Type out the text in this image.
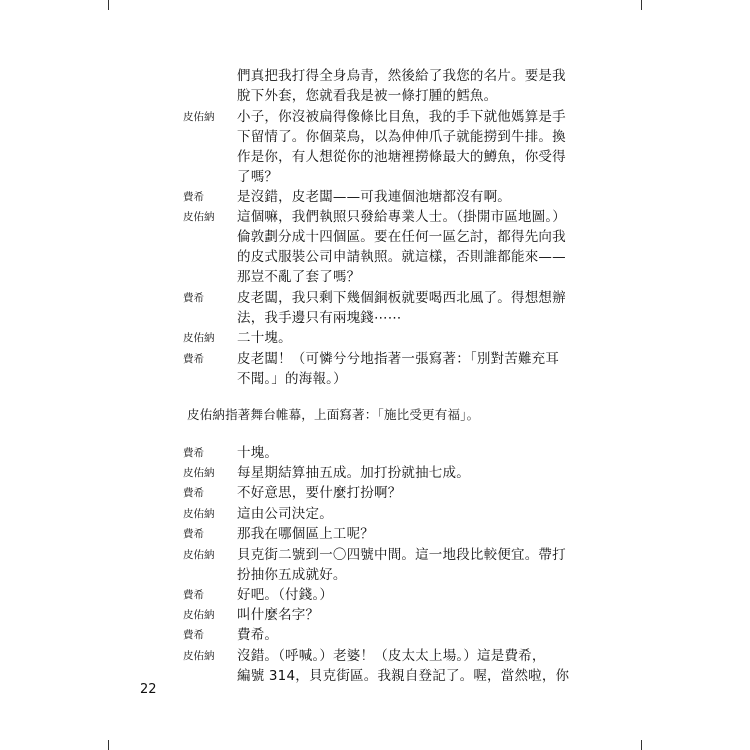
們真把我打得全身烏青，然後給了我您的名片。要是我
脫下外套，您就看我是被一條打腫的鱈魚。
皮佑納 小子，你沒被扁得像條比目魚，我的手下就他媽算是手
下留情了。你個菜鳥，以為伸伸爪子就能撈到牛排。換
作是你，有人想從你的池塘裡撈條最大的鱒魚，你受得
了嗎？
費希 是沒錯，皮老闆——可我連個池塘都沒有啊。
皮佑納 這個嘛，我們執照只發給專業人士。（掛開市區地圖。）
倫敦劃分成十四個區。要在任何一區乞討，都得先向我
的皮式服裝公司申請執照。就這樣，否則誰都能來——
那豈不亂了套了嗎？
費希 皮老闆，我只剩下幾個銅板就要喝西北風了。得想想辦
法，我手邊只有兩塊錢⋯⋯
皮佑納 二十塊。
費希 皮老闆！（可憐兮兮地指著一張寫著：「別對苦難充耳
不聞。」的海報。）
皮佑納指著舞台帷幕，上面寫著：「施比受更有福」。
費希 十塊。
皮佑納 每星期結算抽五成。加打扮就抽七成。
費希 不好意思，要什麼打扮啊？
皮佑納 這由公司決定。
費希 那我在哪個區上工呢？
皮佑納 貝克街二號到一〇四號中間。這一地段比較便宜。帶打
扮抽你五成就好。
費希 好吧。（付錢。）
皮佑納 叫什麼名字？
費希 費希。
皮佑納 沒錯。（呼喊。）老婆！（皮太太上場。）這是費希，
編號 314，貝克街區。我親自登記了。喔，當然啦，你
22
